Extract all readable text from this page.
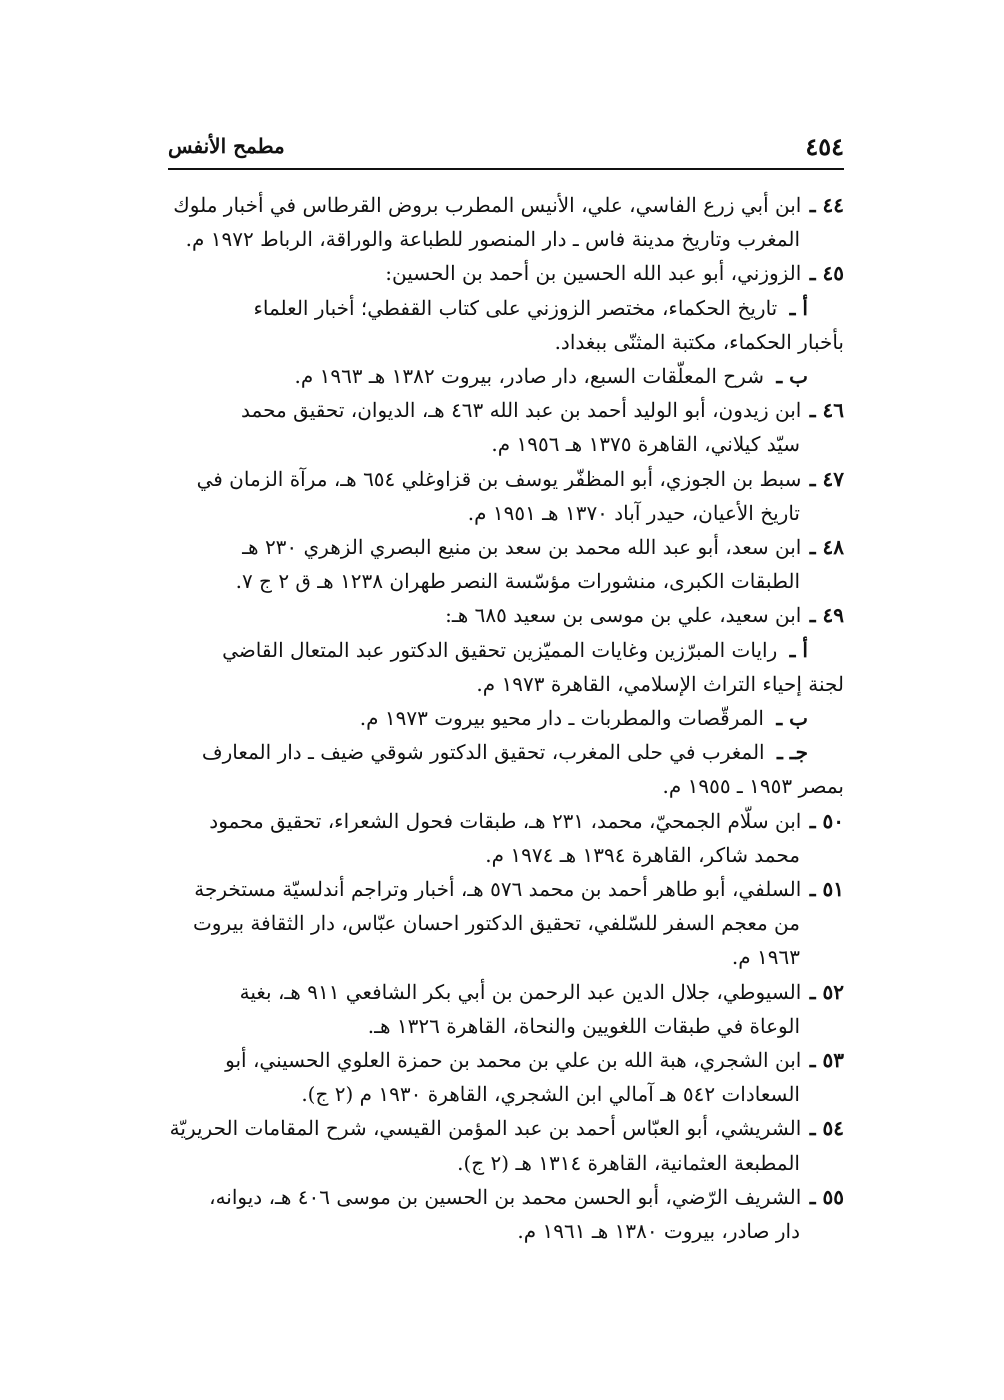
٤٥٤
مطمح الأنفس
٤٤ ـ ابن أبي زرع الفاسي، علي، الأنيس المطرب بروض القرطاس في أخبار ملوك
المغرب وتاريخ مدينة فاس ـ دار المنصور للطباعة والوراقة، الرباط ١٩٧٢ م.
٤٥ ـ الزوزني، أبو عبد الله الحسين بن أحمد بن الحسين:
أ ـ تاريخ الحكماء، مختصر الزوزني على كتاب القفطي؛ أخبار العلماء
بأخبار الحكماء، مكتبة المثنّى ببغداد.
ب ـ شرح المعلّقات السبع، دار صادر، بيروت ١٣٨٢ هـ ١٩٦٣ م.
٤٦ ـ ابن زيدون، أبو الوليد أحمد بن عبد الله ٤٦٣ هـ، الديوان، تحقيق محمد
سيّد كيلاني، القاهرة ١٣٧٥ هـ ١٩٥٦ م.
٤٧ ـ سبط بن الجوزي، أبو المظفّر يوسف بن قزاوغلي ٦٥٤ هـ، مرآة الزمان في
تاريخ الأعيان، حيدر آباد ١٣٧٠ هـ ١٩٥١ م.
٤٨ ـ ابن سعد، أبو عبد الله محمد بن سعد بن منيع البصري الزهري ٢٣٠ هـ
الطبقات الكبرى، منشورات مؤسّسة النصر طهران ١٢٣٨ هـ ق ٢ ج ٧.
٤٩ ـ ابن سعيد، علي بن موسى بن سعيد ٦٨٥ هـ:
أ ـ رايات المبرّزين وغايات المميّزين تحقيق الدكتور عبد المتعال القاضي
لجنة إحياء التراث الإسلامي، القاهرة ١٩٧٣ م.
ب ـ المرقّصات والمطربات ـ دار محيو بيروت ١٩٧٣ م.
جـ ـ المغرب في حلى المغرب، تحقيق الدكتور شوقي ضيف ـ دار المعارف
بمصر ١٩٥٣ ـ ١٩٥٥ م.
٥٠ ـ ابن سلّام الجمحيّ، محمد، ٢٣١ هـ، طبقات فحول الشعراء، تحقيق محمود
محمد شاكر، القاهرة ١٣٩٤ هـ ١٩٧٤ م.
٥١ ـ السلفي، أبو طاهر أحمد بن محمد ٥٧٦ هـ، أخبار وتراجم أندلسيّة مستخرجة
من معجم السفر للسّلفي، تحقيق الدكتور احسان عبّاس، دار الثقافة بيروت
١٩٦٣ م.
٥٢ ـ السيوطي، جلال الدين عبد الرحمن بن أبي بكر الشافعي ٩١١ هـ، بغية
الوعاة في طبقات اللغويين والنحاة، القاهرة ١٣٢٦ هـ.
٥٣ ـ ابن الشجري، هبة الله بن علي بن محمد بن حمزة العلوي الحسيني، أبو
السعادات ٥٤٢ هـ آمالي ابن الشجري، القاهرة ١٩٣٠ م (٢ ج).
٥٤ ـ الشريشي، أبو العبّاس أحمد بن عبد المؤمن القيسي، شرح المقامات الحريريّة
المطبعة العثمانية، القاهرة ١٣١٤ هـ (٢ ج).
٥٥ ـ الشريف الرّضي، أبو الحسن محمد بن الحسين بن موسى ٤٠٦ هـ، ديوانه،
دار صادر، بيروت ١٣٨٠ هـ ١٩٦١ م.
